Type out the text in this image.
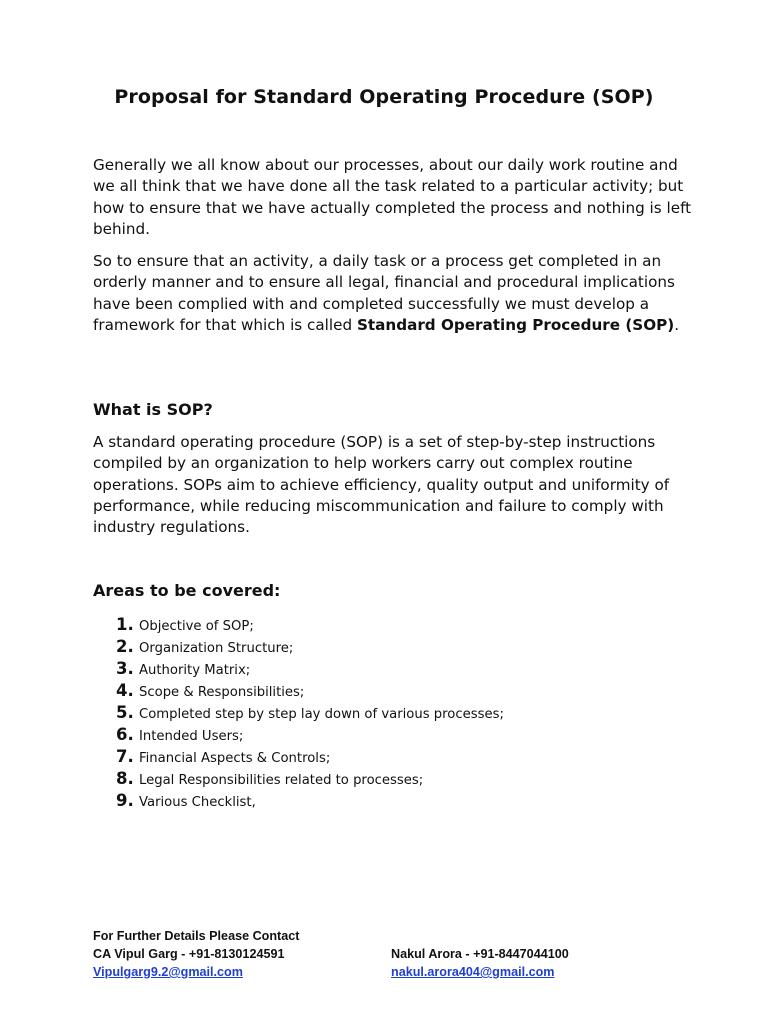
Proposal for Standard Operating Procedure (SOP)

Generally we all know about our processes, about our daily work routine and we all think that we have done all the task related to a particular activity; but how to ensure that we have actually completed the process and nothing is left behind.

So to ensure that an activity, a daily task or a process get completed in an orderly manner and to ensure all legal, financial and procedural implications have been complied with and completed successfully we must develop a framework for that which is called Standard Operating Procedure (SOP).

What is SOP?

A standard operating procedure (SOP) is a set of step-by-step instructions compiled by an organization to help workers carry out complex routine operations. SOPs aim to achieve efficiency, quality output and uniformity of performance, while reducing miscommunication and failure to comply with industry regulations.

Areas to be covered:
1. Objective of SOP;
2. Organization Structure;
3. Authority Matrix;
4. Scope & Responsibilities;
5. Completed step by step lay down of various processes;
6. Intended Users;
7. Financial Aspects & Controls;
8. Legal Responsibilities related to processes;
9. Various Checklist,
For Further Details Please Contact
CA Vipul Garg - +91-8130124591	Nakul Arora - +91-8447044100
Vipulgarg9.2@gmail.com	nakul.arora404@gmail.com
